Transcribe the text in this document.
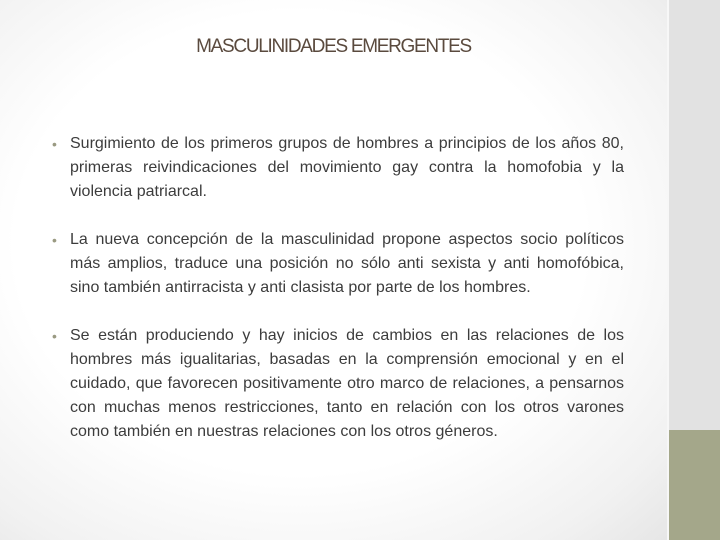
MASCULINIDADES EMERGENTES
• Surgimiento de los primeros grupos de hombres a principios de los años 80, primeras reivindicaciones del movimiento gay contra la homofobia y la violencia patriarcal.
• La nueva concepción de la masculinidad propone aspectos socio políticos más amplios, traduce una posición no sólo anti sexista y anti homofóbica, sino también antirracista y anti clasista por parte de los hombres.
• Se están produciendo y hay inicios de cambios en las relaciones de los hombres más igualitarias, basadas en la comprensión emocional y en el cuidado, que favorecen positivamente otro marco de relaciones, a pensarnos con muchas menos restricciones, tanto en relación con los otros varones como también en nuestras relaciones con los otros géneros.
